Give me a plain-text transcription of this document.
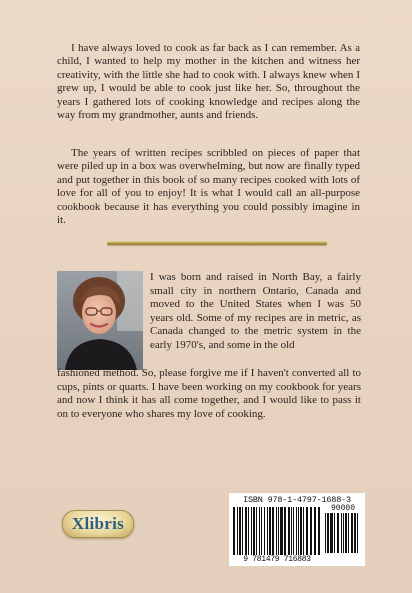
I have always loved to cook as far back as I can remember. As a child, I wanted to help my mother in the kitchen and witness her creativity, with the little she had to cook with. I always knew when I grew up, I would be able to cook just like her. So, throughout the years I gathered lots of cooking knowledge and recipes along the way from my grandmother, aunts and friends.

The years of written recipes scribbled on pieces of paper that were piled up in a box was overwhelming, but now are finally typed and put together in this book of so many recipes cooked with lots of love for all of you to enjoy! It is what I would call an all-purpose cookbook because it has everything you could possibly imagine in it.

I was born and raised in North Bay, a fairly small city in northern Ontario, Canada and moved to the United States when I was 50 years old. Some of my recipes are in metric, as Canada changed to the metric system in the early 1970's, and some in the old

fashioned method. So, please forgive me if I haven't converted all to cups, pints or quarts. I have been working on my cookbook for years and now I think it has all come together, and I would like to pass it on to everyone who shares my love of cooking.

Xlibris
ISBN 978-1-4797-1688-3
90000
9 781479 716883
